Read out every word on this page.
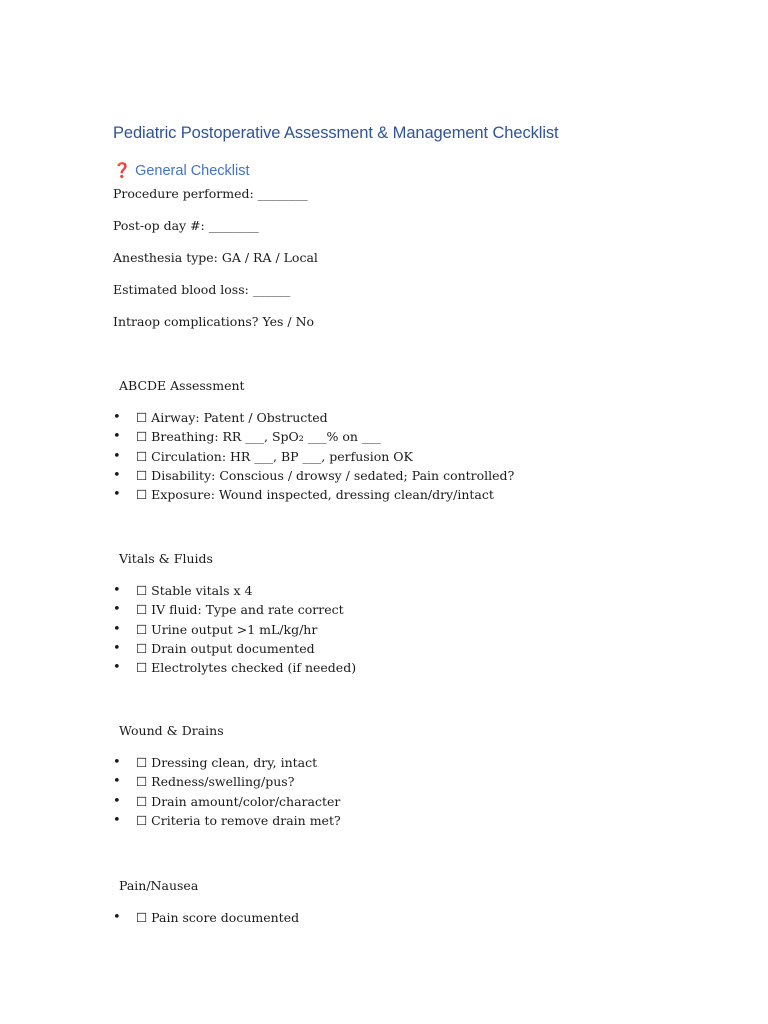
Pediatric Postoperative Assessment & Management Checklist
❓ General Checklist
Procedure performed: ________
Post-op day #: ________
Anesthesia type: GA / RA / Local
Estimated blood loss: ______
Intraop complications? Yes / No
ABCDE Assessment
• ☐ Airway: Patent / Obstructed
• ☐ Breathing: RR ___, SpO₂ ___% on ___
• ☐ Circulation: HR ___, BP ___, perfusion OK
• ☐ Disability: Conscious / drowsy / sedated; Pain controlled?
• ☐ Exposure: Wound inspected, dressing clean/dry/intact
Vitals & Fluids
• ☐ Stable vitals x 4
• ☐ IV fluid: Type and rate correct
• ☐ Urine output >1 mL/kg/hr
• ☐ Drain output documented
• ☐ Electrolytes checked (if needed)
Wound & Drains
• ☐ Dressing clean, dry, intact
• ☐ Redness/swelling/pus?
• ☐ Drain amount/color/character
• ☐ Criteria to remove drain met?
Pain/Nausea
• ☐ Pain score documented
